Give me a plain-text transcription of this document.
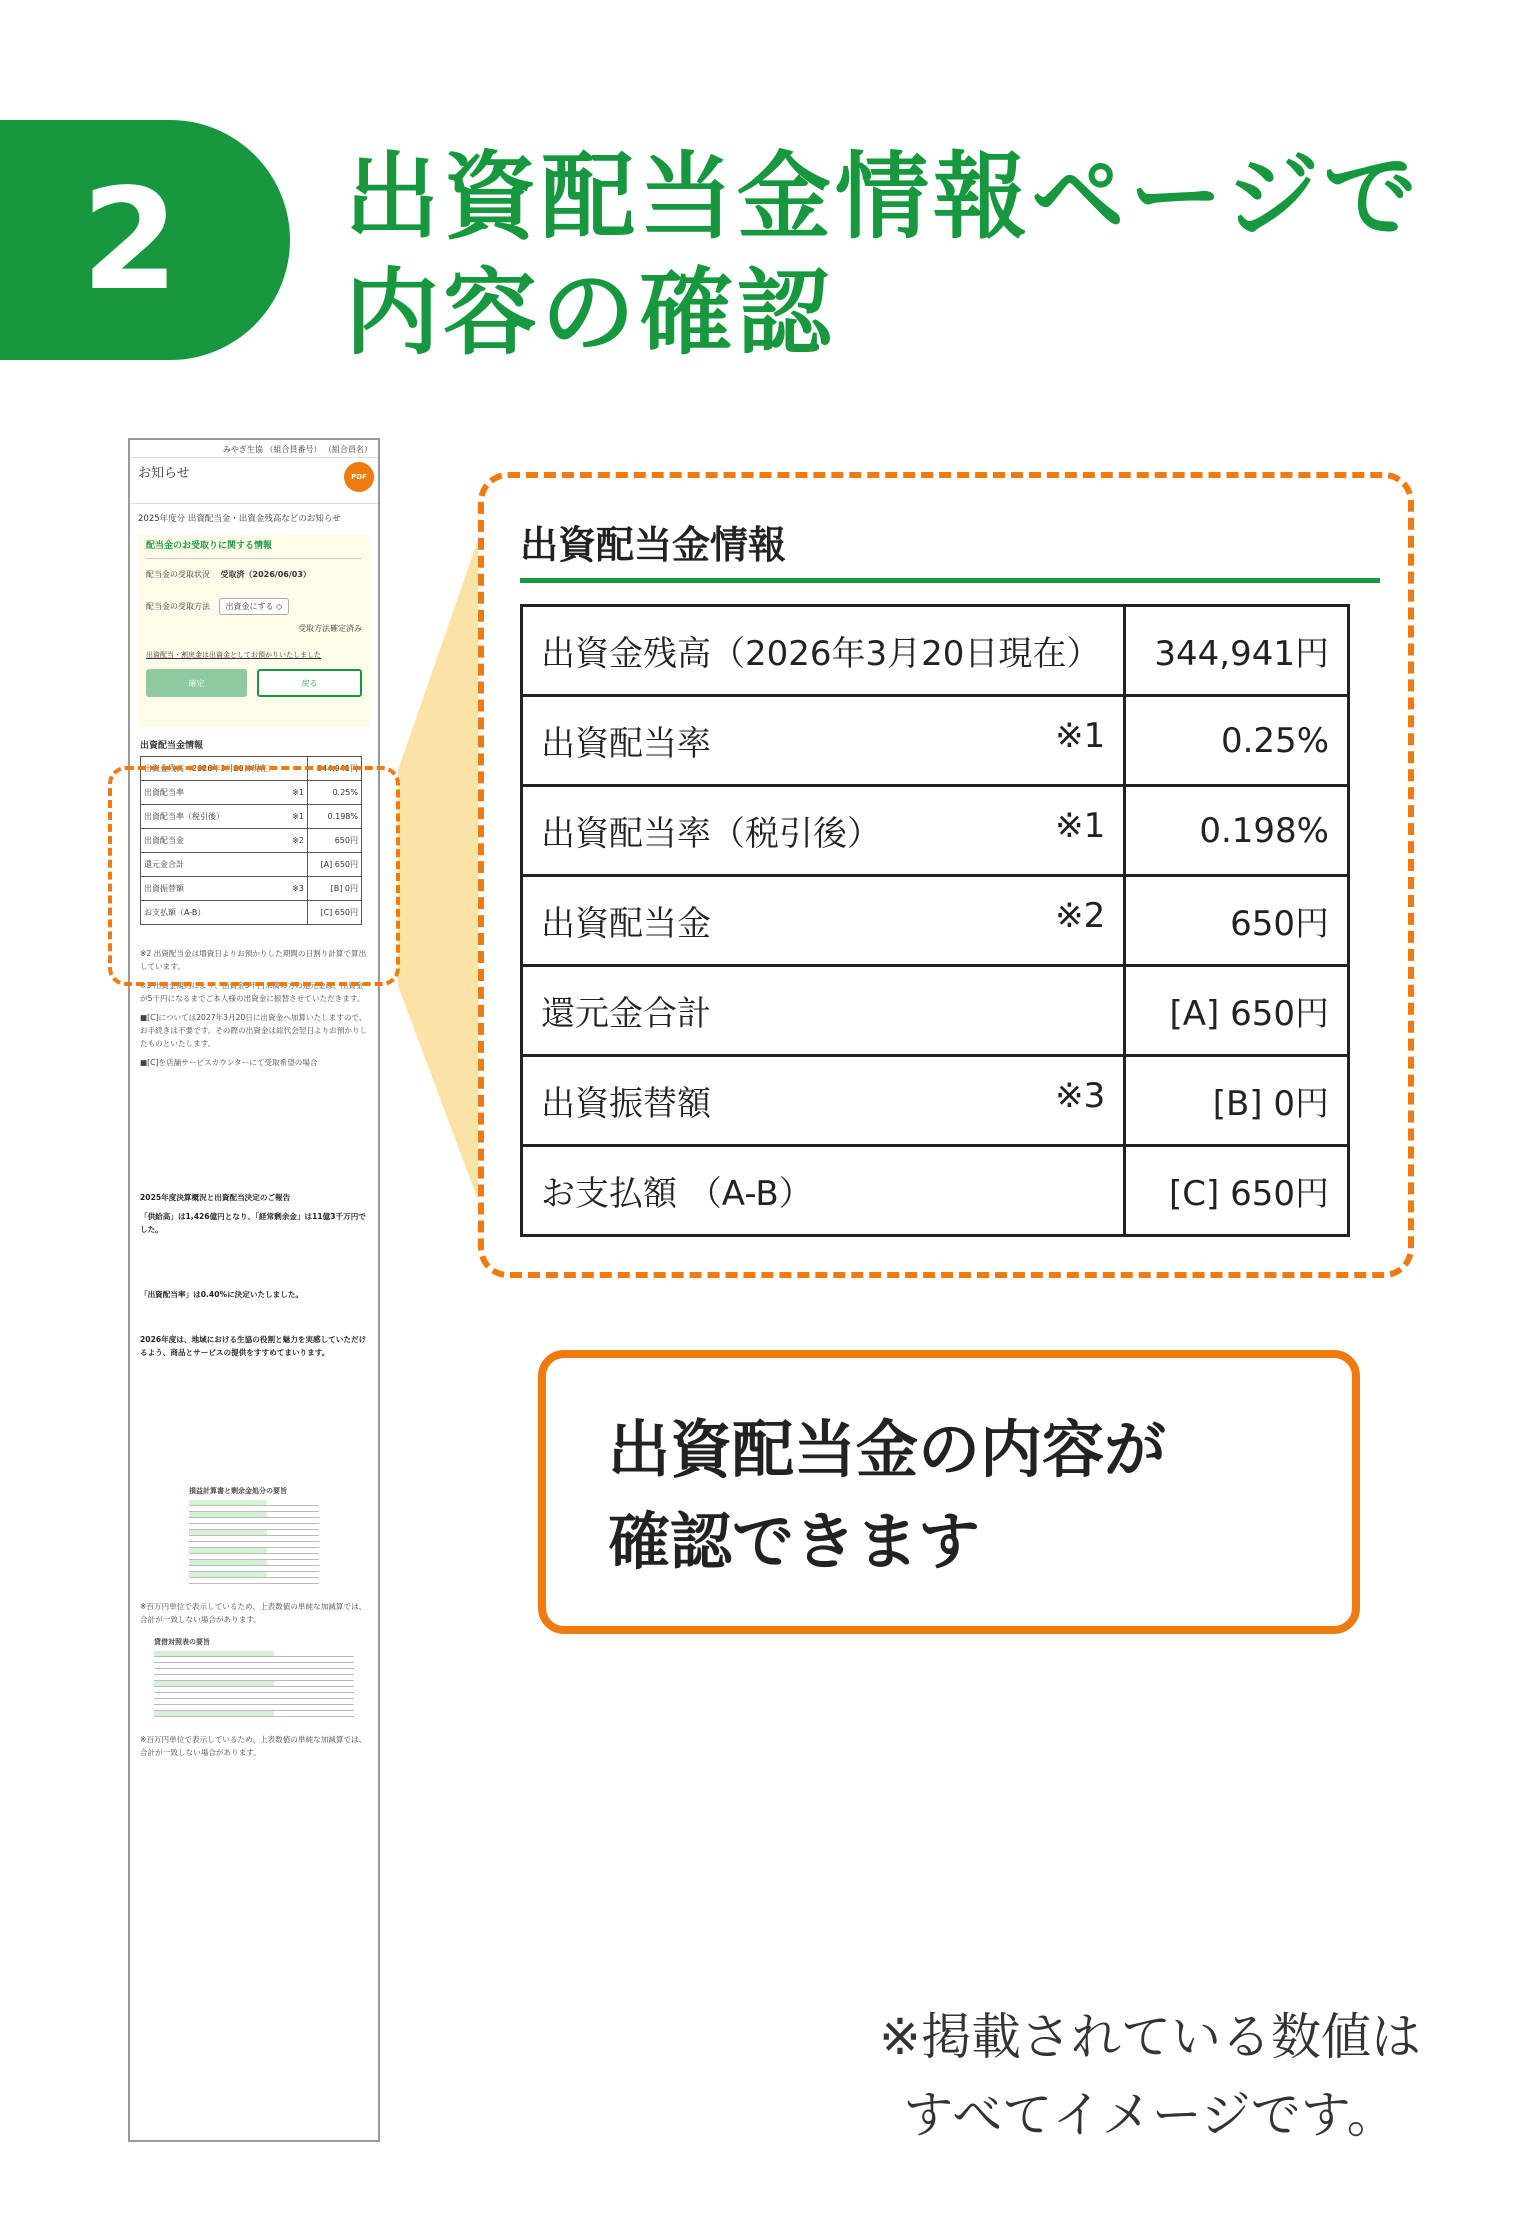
2 出資配当金情報ページで
内容の確認
みやぎ生協 （組合員番号） （組合員名）
お知らせ	PDF
2025年度分 出資配当金・出資金残高などのお知らせ
配当金のお受取りに関する情報
配当金の受取状況 受取済（2026/06/03）
配当金の受取方法 出資金にする ◇
受取方法確定済み
出資配当・割戻金は出資金としてお預かりいたしました
確定	戻る
出資配当金情報
出資金残高（2026年3月20日現在）	344,941円
出資配当率 ※1	0.25%
出資配当率（税引後） ※1	0.198%
出資配当金 ※2	650円
還元金合計	[A] 650円
出資振替額 ※3	[B] 0円
お支払額（A-B）	[C] 650円

※2 出資配当金は増資日よりお預かりした期間の日割り計算で算出しています。

※3 出資金規約により、出資金5千円未満の方の還元金は、出資金が5千円になるまでご本人様の出資金に振替させていただきます。

■[C]については2027年3月20日に出資金へ加算いたしますので、お手続きは不要です。その際の出資金は総代会翌日よりお預かりしたものといたします。

■[C]を店舗サービスカウンターにて受取希望の場合

2025年度決算概況と出資配当決定のご報告

「供給高」は1,426億円となり、「経常剰余金」は11億3千万円でした。

「出資配当率」は0.40%に決定いたしました。

2026年度は、地域における生協の役割と魅力を実感していただけるよう、商品とサービスの提供をすすめてまいります。

損益計算書と剰余金処分の要旨

※百万円単位で表示しているため、上表数値の単純な加減算では、合計が一致しない場合があります。

貸借対照表の要旨

※百万円単位で表示しているため、上表数値の単純な加減算では、合計が一致しない場合があります。

出資配当金情報
出資金残高（2026年3月20日現在）	344,941円
出資配当率 ※1	0.25%
出資配当率（税引後） ※1	0.198%
出資配当金 ※2	650円
還元金合計	[A] 650円
出資振替額 ※3	[B] 0円
お支払額 （A-B）	[C] 650円
出資配当金の内容が
確認できます
※掲載されている数値は
すべてイメージです。
